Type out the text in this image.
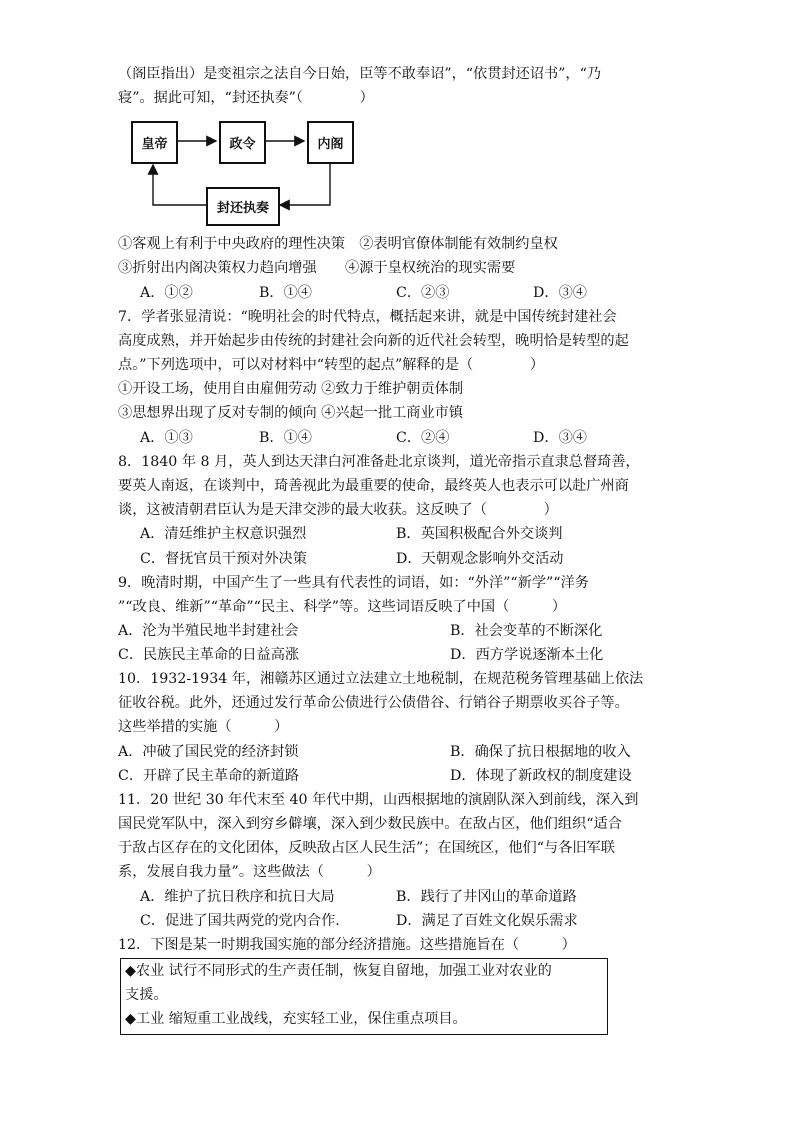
（阁臣指出）是变祖宗之法自今日始，臣等不敢奉诏”，“依贯封还诏书”，“乃
寝”。据此可知，“封还执奏”（　　　　）
皇帝	政令	内阁
封还执奏
①客观上有利于中央政府的理性决策　②表明官僚体制能有效制约皇权
③折射出内阁决策权力趋向增强　　④源于皇权统治的现实需要
A．①②	B．①④	C．②③	D．③④
7．学者张显清说：“晚明社会的时代特点，概括起来讲，就是中国传统封建社会
高度成熟，并开始起步由传统的封建社会向新的近代社会转型，晚明恰是转型的起
点。”下列选项中，可以对材料中“转型的起点”解释的是（　　　　）
①开设工场，使用自由雇佣劳动 ②致力于维护朝贡体制
③思想界出现了反对专制的倾向 ④兴起一批工商业市镇
A．①③	B．①④	C．②④	D．③④
8．1840 年 8 月，英人到达天津白河准备赴北京谈判，道光帝指示直隶总督琦善，
要英人南返，在谈判中，琦善视此为最重要的使命，最终英人也表示可以赴广州商
谈，这被清朝君臣认为是天津交涉的最大收获。这反映了（　　　　）
A．清廷维护主权意识强烈	B．英国积极配合外交谈判
C．督抚官员干预对外决策	D．天朝观念影响外交活动
9．晚清时期，中国产生了一些具有代表性的词语，如：“外洋”“新学”“洋务
”“改良、维新”“革命”“民主、科学”等。这些词语反映了中国（　　　）
A．沦为半殖民地半封建社会	B．社会变革的不断深化
C．民族民主革命的日益高涨	D．西方学说逐渐本土化
10．1932-1934 年，湘赣苏区通过立法建立土地税制，在规范税务管理基础上依法
征收谷税。此外，还通过发行革命公债进行公债借谷、行销谷子期票收买谷子等。
这些举措的实施（　　　）
A．冲破了国民党的经济封锁	B．确保了抗日根据地的收入
C．开辟了民主革命的新道路	D．体现了新政权的制度建设
11．20 世纪 30 年代末至 40 年代中期，山西根据地的演剧队深入到前线，深入到
国民党军队中，深入到穷乡僻壤，深入到少数民族中。在敌占区，他们组织“适合
于敌占区存在的文化团体，反映敌占区人民生活”；在国统区，他们“与各旧军联
系，发展自我力量”。这些做法（　　　）
A．维护了抗日秩序和抗日大局	B．践行了井冈山的革命道路
C．促进了国共两党的党内合作.	D．满足了百姓文化娱乐需求
12．下图是某一时期我国实施的部分经济措施。这些措施旨在（　　　）
◆农业 试行不同形式的生产责任制，恢复自留地，加强工业对农业的
支援。
◆工业 缩短重工业战线，充实轻工业，保住重点项目。
